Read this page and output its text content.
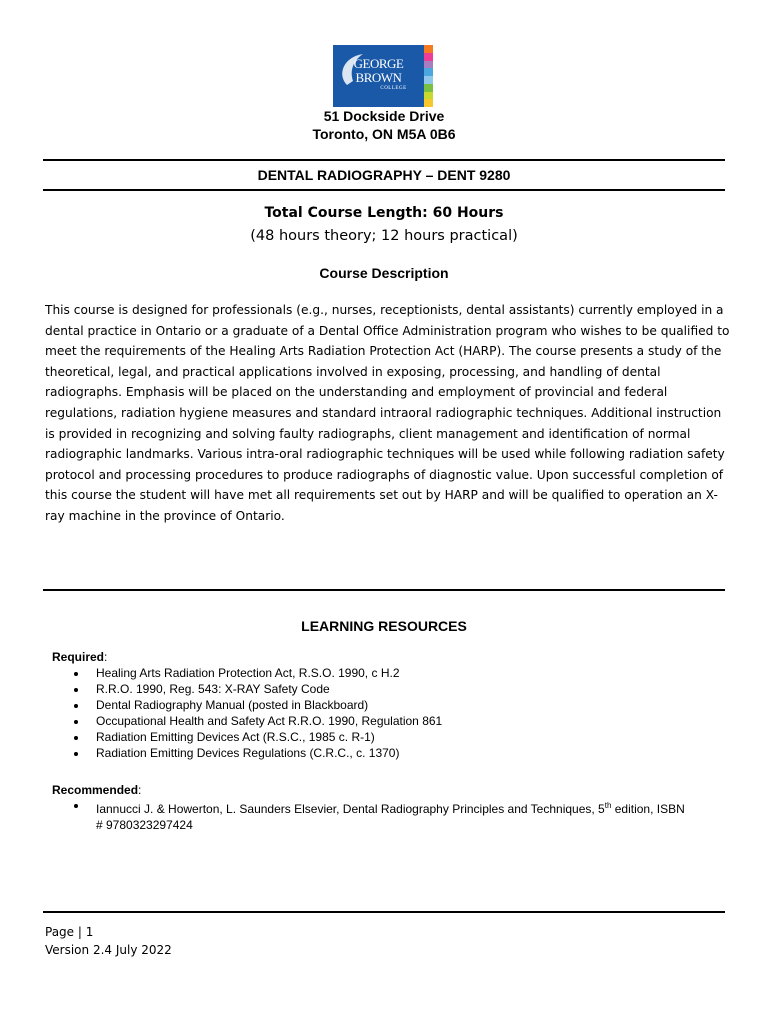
GEORGE
BROWN
COLLEGE
51 Dockside Drive
Toronto, ON M5A 0B6
DENTAL RADIOGRAPHY – DENT 9280
Total Course Length: 60 Hours
(48 hours theory; 12 hours practical)
Course Description
This course is designed for professionals (e.g., nurses, receptionists, dental assistants) currently employed in a
dental practice in Ontario or a graduate of a Dental Office Administration program who wishes to be qualified to
meet the requirements of the Healing Arts Radiation Protection Act (HARP). The course presents a study of the
theoretical, legal, and practical applications involved in exposing, processing, and handling of dental
radiographs. Emphasis will be placed on the understanding and employment of provincial and federal
regulations, radiation hygiene measures and standard intraoral radiographic techniques. Additional instruction
is provided in recognizing and solving faulty radiographs, client management and identification of normal
radiographic landmarks. Various intra-oral radiographic techniques will be used while following radiation safety
protocol and processing procedures to produce radiographs of diagnostic value. Upon successful completion of
this course the student will have met all requirements set out by HARP and will be qualified to operation an X-
ray machine in the province of Ontario.
LEARNING RESOURCES
Required:
Healing Arts Radiation Protection Act, R.S.O. 1990, c H.2
R.R.O. 1990, Reg. 543: X-RAY Safety Code
Dental Radiography Manual (posted in Blackboard)
Occupational Health and Safety Act R.R.O. 1990, Regulation 861
Radiation Emitting Devices Act (R.S.C., 1985 c. R-1)
Radiation Emitting Devices Regulations (C.R.C., c. 1370)
Recommended:
Iannucci J. & Howerton, L. Saunders Elsevier, Dental Radiography Principles and Techniques, 5th edition, ISBN
# 9780323297424
Page | 1
Version 2.4 July 2022
